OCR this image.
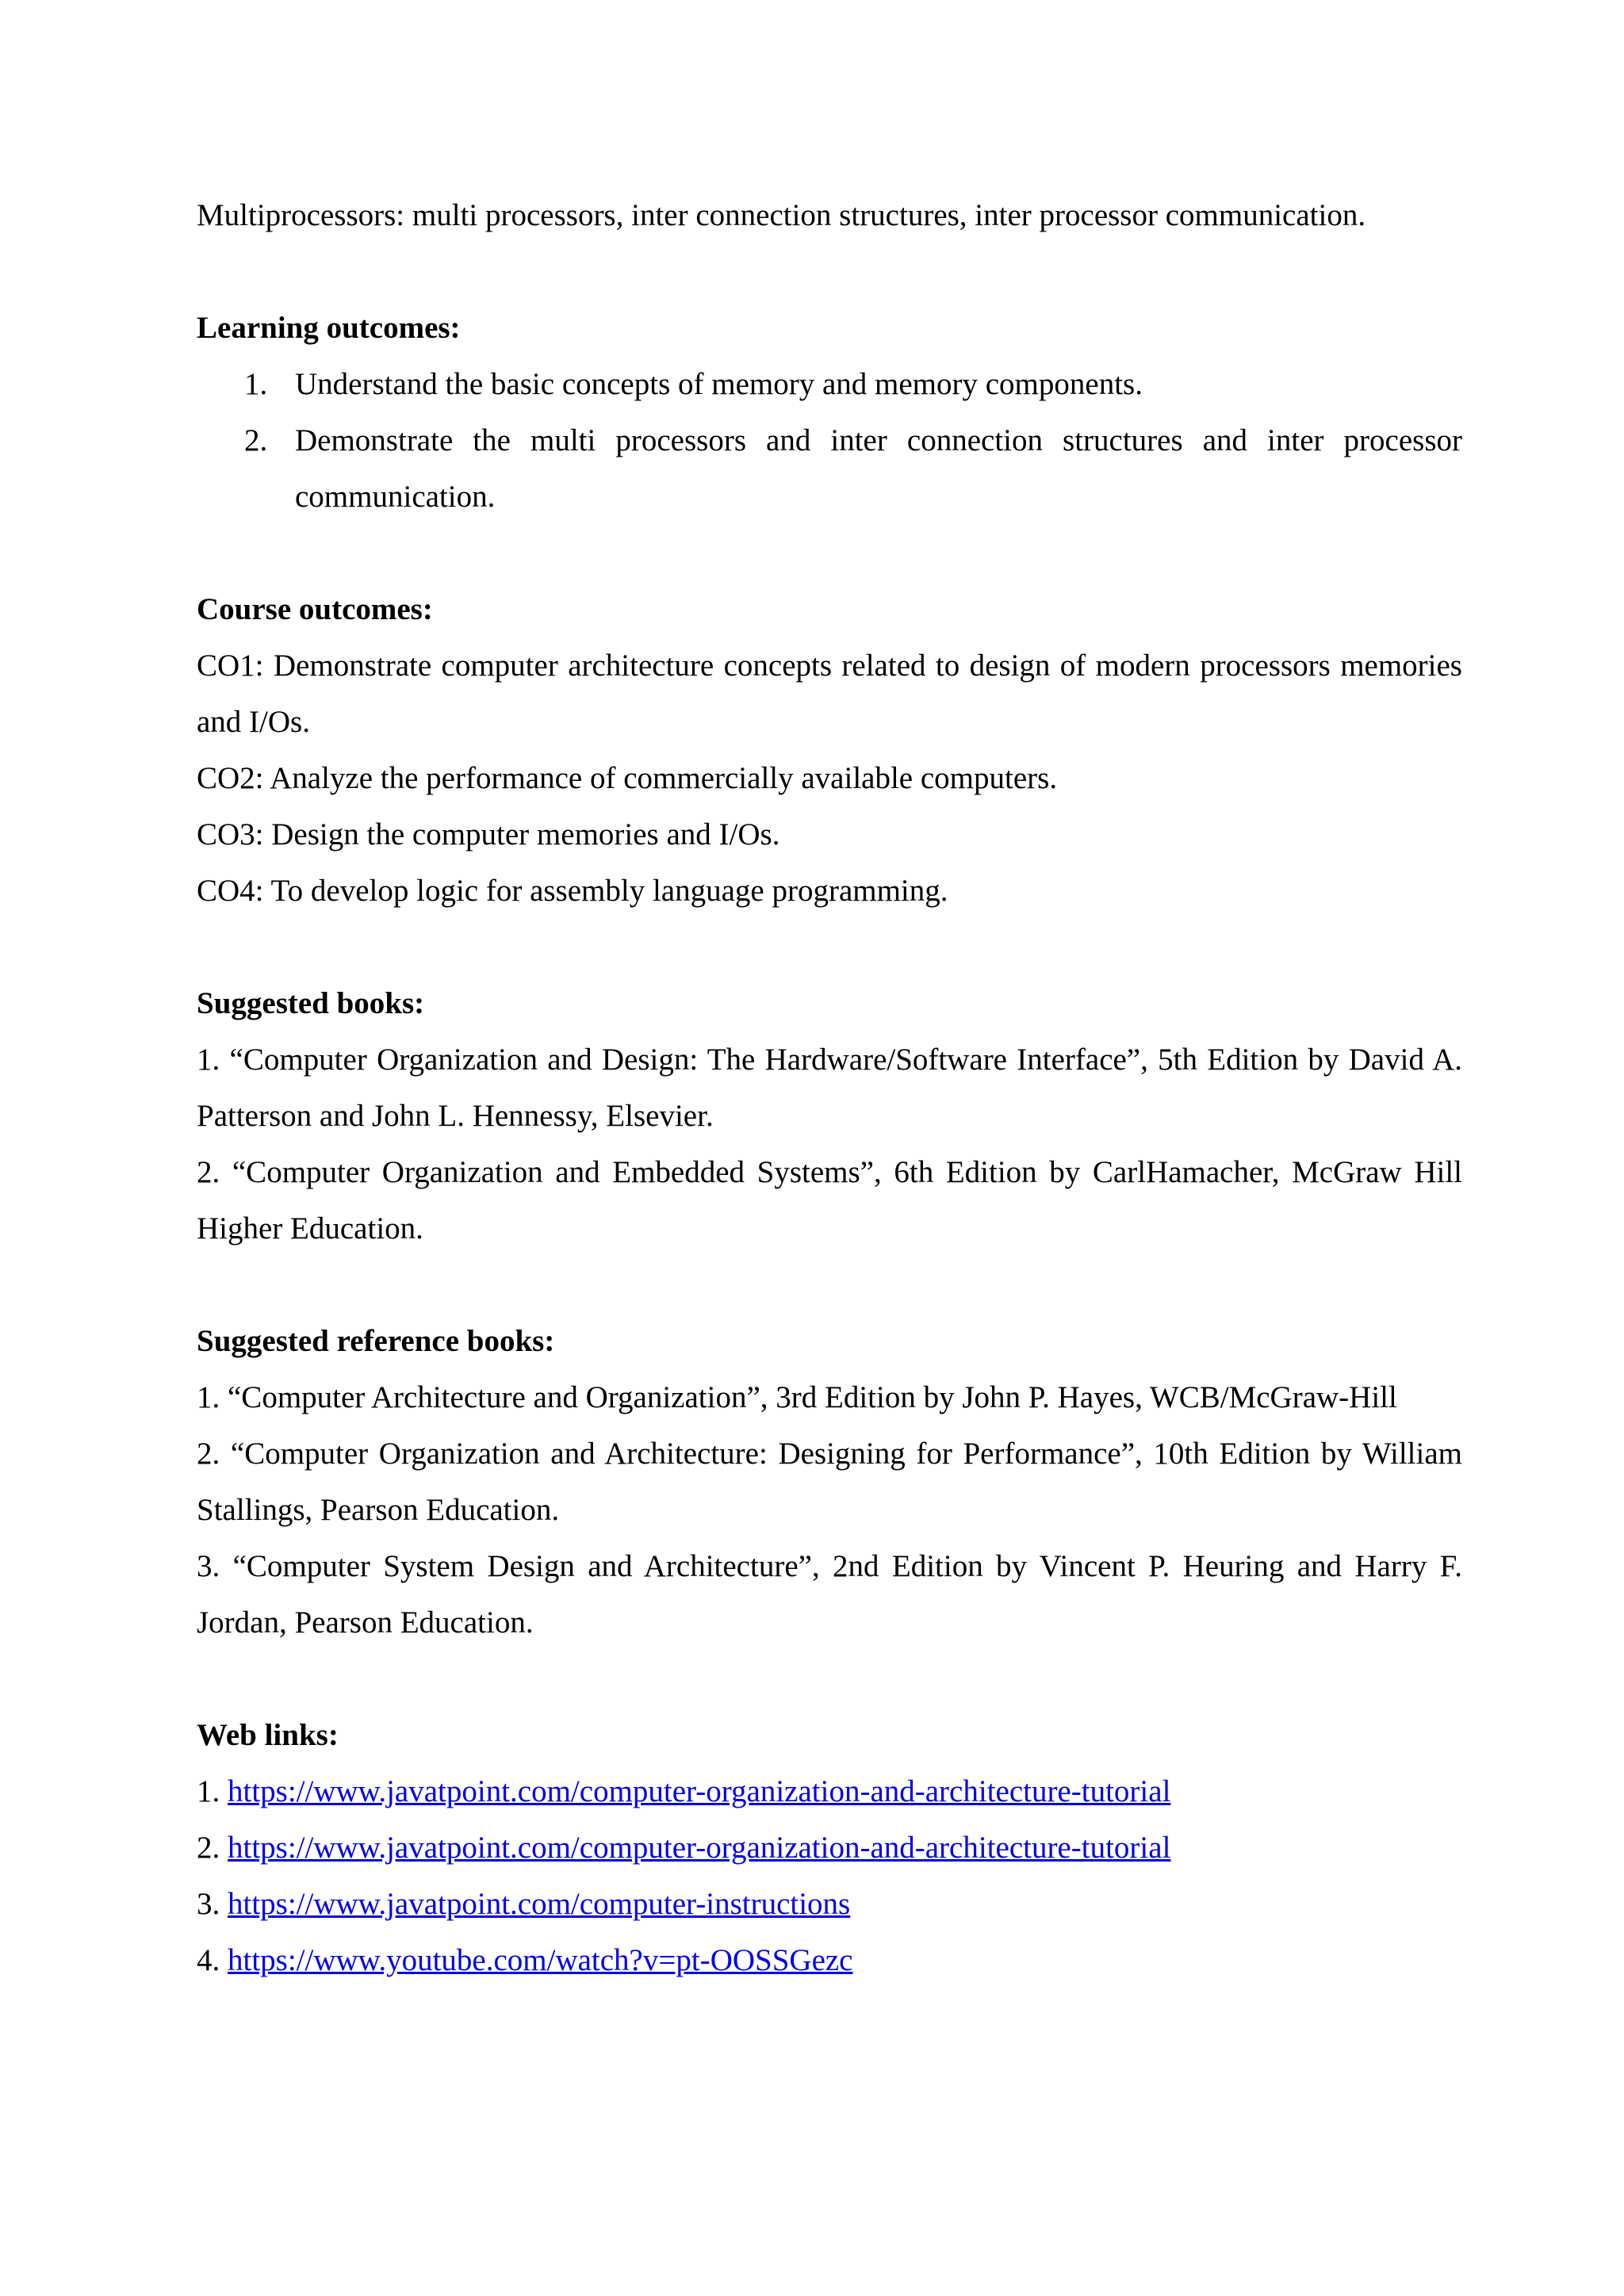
Multiprocessors: multi processors, inter connection structures, inter processor communication.

Learning outcomes:

1. Understand the basic concepts of memory and memory components.
2. Demonstrate the multi processors and inter connection structures and inter processor communication.

Course outcomes:

CO1: Demonstrate computer architecture concepts related to design of modern processors memories and I/Os.

CO2: Analyze the performance of commercially available computers.

CO3: Design the computer memories and I/Os.

CO4: To develop logic for assembly language programming.

Suggested books:

1. “Computer Organization and Design: The Hardware/Software Interface”, 5th Edition by David A. Patterson and John L. Hennessy, Elsevier.

2. “Computer Organization and Embedded Systems”, 6th Edition by CarlHamacher, McGraw Hill Higher Education.

Suggested reference books:

1. “Computer Architecture and Organization”, 3rd Edition by John P. Hayes, WCB/McGraw-Hill

2. “Computer Organization and Architecture: Designing for Performance”, 10th Edition by William Stallings, Pearson Education.

3. “Computer System Design and Architecture”, 2nd Edition by Vincent P. Heuring and Harry F. Jordan, Pearson Education.

Web links:

1. https://www.javatpoint.com/computer-organization-and-architecture-tutorial

2. https://www.javatpoint.com/computer-organization-and-architecture-tutorial

3. https://www.javatpoint.com/computer-instructions

4. https://www.youtube.com/watch?v=pt-OOSSGezc
